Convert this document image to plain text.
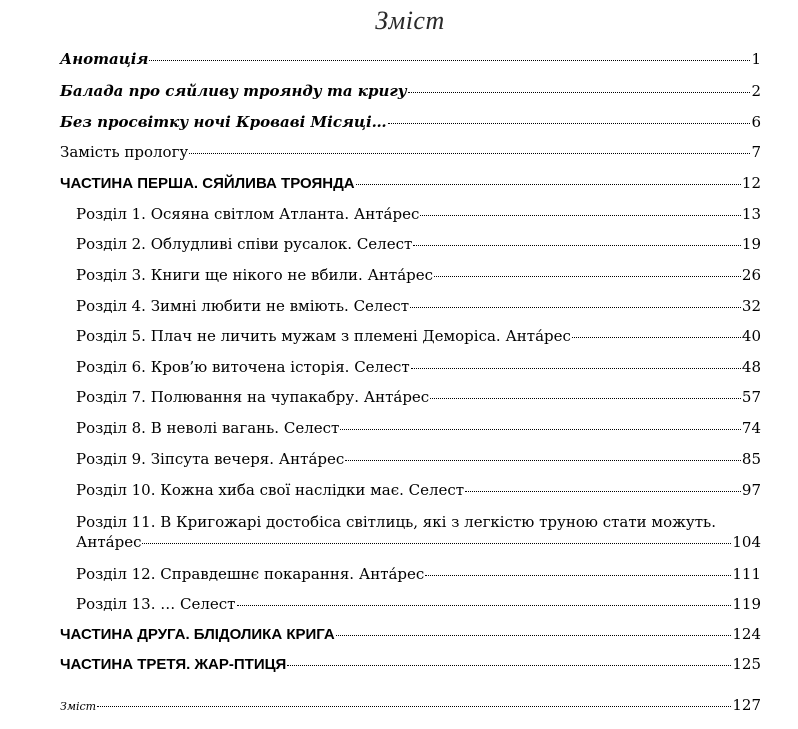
Зміст
Анотація	1
Балада про сяйливу троянду та кригу	2
Без просвітку ночі Кровaві Місяці…	6
Замість прологу	7
ЧАСТИНА ПЕРША. СЯЙЛИВА ТРОЯНДА	12
Розділ 1. Осяяна світлом Атланта. Анта́рес	13
Розділ 2. Облудливі співи русалок. Селест	19
Розділ 3. Книги ще нікого не вбили. Анта́рес	26
Розділ 4. Зимні любити не вміють. Селест	32
Розділ 5. Плач не личить мужам з племені Деморіса. Анта́рес	40
Розділ 6. Кров’ю виточена історія. Селест	48
Розділ 7. Полювання на чупакабру. Анта́рес	57
Розділ 8. В неволі вагань. Селест	74
Розділ 9. Зіпсута вечеря. Анта́рес	85
Розділ 10. Кожна хиба свої наслідки має. Селест	97
Розділ 11. В Кригожарі достобіса світлиць, які з легкістю труною стати можуть.
Анта́рес	104
Розділ 12. Справдешнє покарання. Анта́рес	111
Розділ 13. … Селест	119
ЧАСТИНА ДРУГА. БЛІДОЛИКА КРИГА	124
ЧАСТИНА ТРЕТЯ. ЖАР-ПТИЦЯ	125
Зміст	127
